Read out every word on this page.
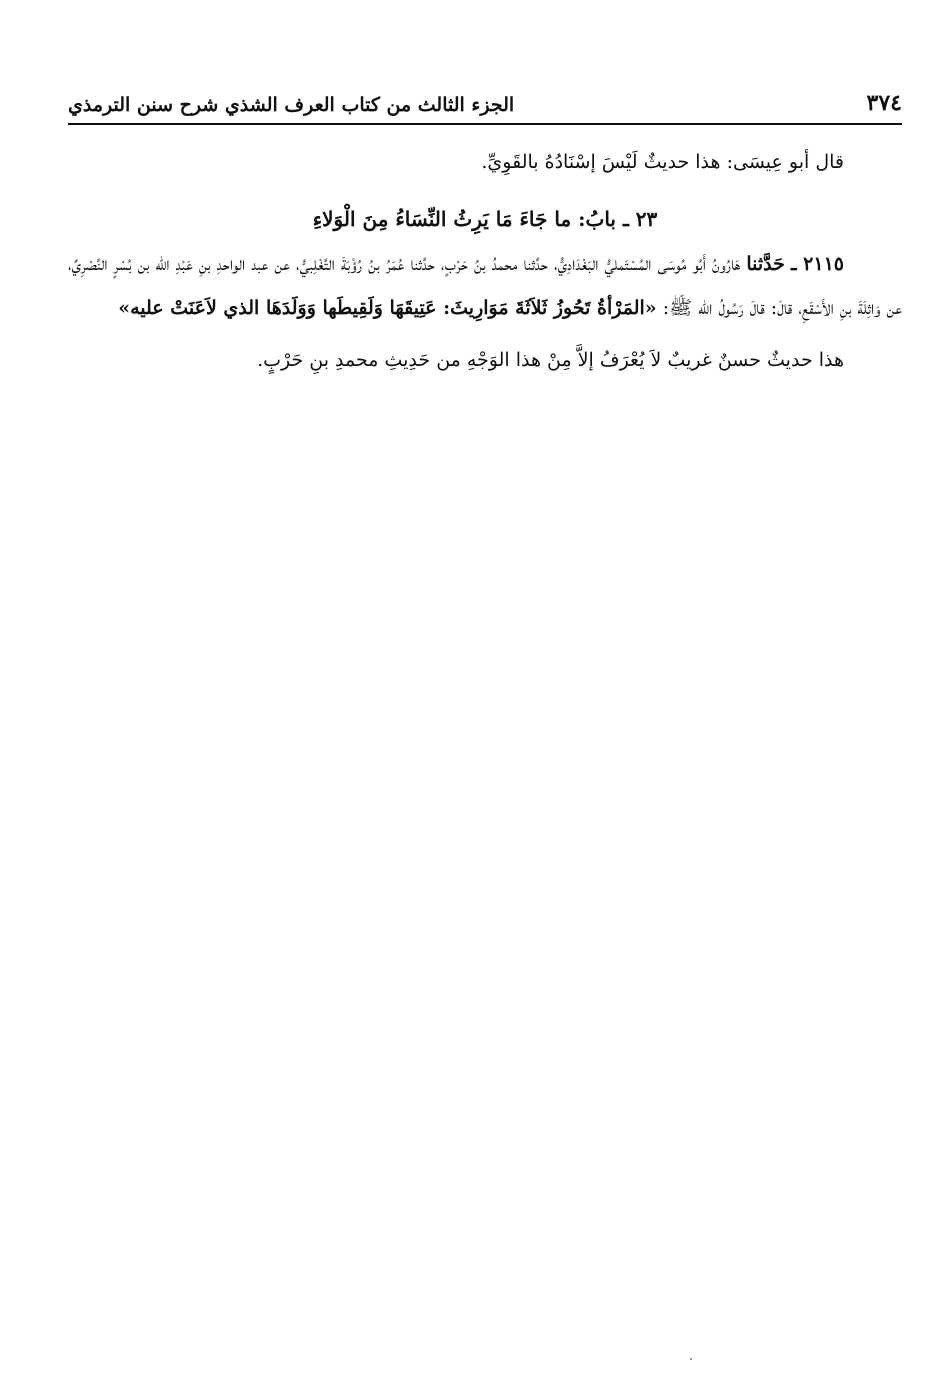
٣٧٤
الجزء الثالث من كتاب العرف الشذي شرح سنن الترمذي

قال أبو عِيسَى: هذا حديثٌ لَيْسَ إسْنَادُهُ بالقَوِيِّ.

٢٣ ـ بابُ: ما جَاءَ مَا يَرِثُ النِّسَاءُ مِنَ الْوَلاءِ

٢١١٥ ـ حَدَّثنا هَارُونُ أَبُو مُوسَى المُسْتَمليُّ البَغْدَادِيُّ، حدَّثنا محمدُ بنُ حَرْبٍ، حدَّثنا عُمَرُ بنُ رُؤْبَةَ التَّغْلِبيُّ، عن عبد الواحدِ بنِ عَبْدِ الله بن بُسْرٍ النَّصْرِيِّ، عن وَاثِلَةَ بنِ الأَسْقَعِ، قالَ: قالَ رَسُولُ الله ﷺ: «المَرْأةُ تَحُوزُ ثَلاَثَةَ مَوَارِيثَ: عَتِيقَهَا وَلَقِيطَها وَوَلَدَهَا الذي لاَعَنَتْ عليه»

هذا حديثٌ حسنٌ غريبٌ لاَ يُعْرَفُ إلاَّ مِنْ هذا الوَجْهِ من حَدِيثِ محمدِ بنِ حَرْبٍ.
